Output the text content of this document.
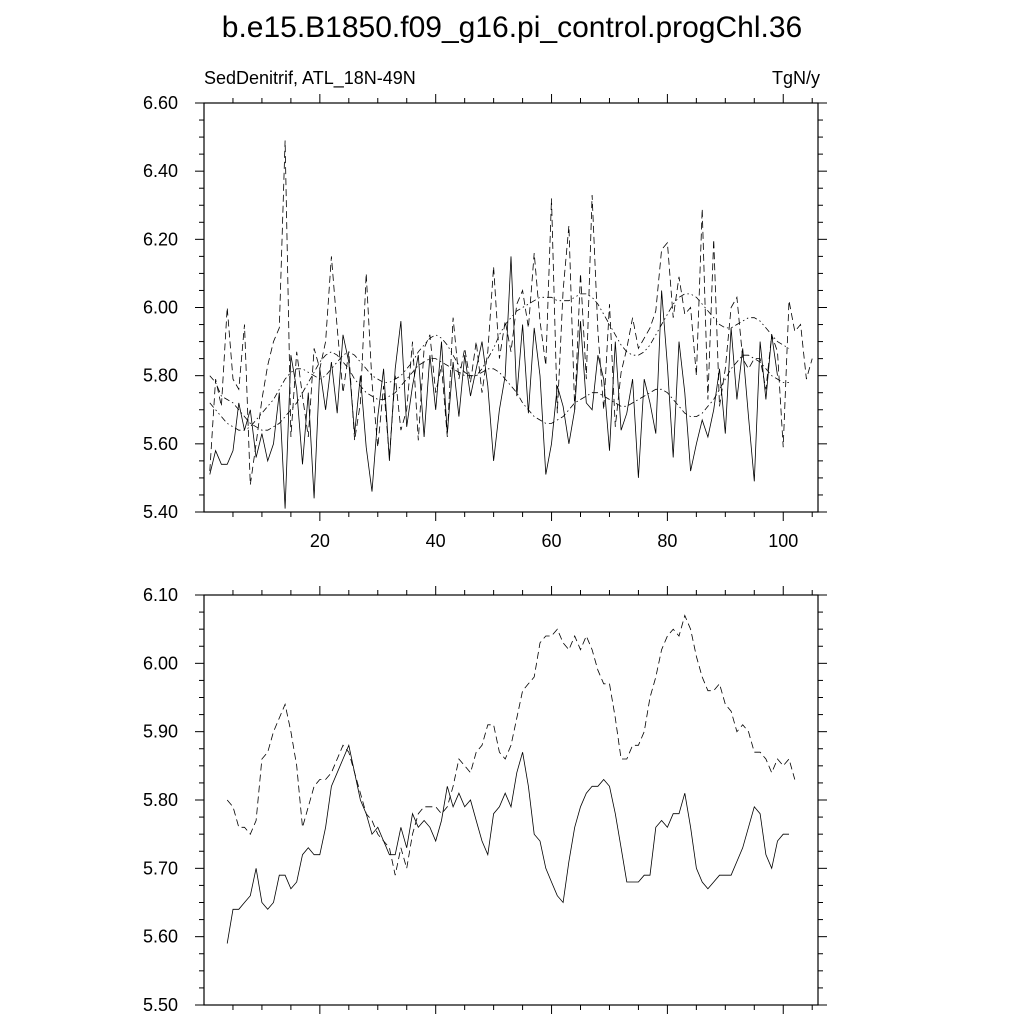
b.e15.B1850.f09_g16.pi_control.progChl.36
SedDenitrif, ATL_18N-49N	TgN/y
20	40	60	80	100
5.40
5.60
5.80
6.00
6.20
6.40
6.60
5.50
5.60
5.70
5.80
5.90
6.00
6.10
